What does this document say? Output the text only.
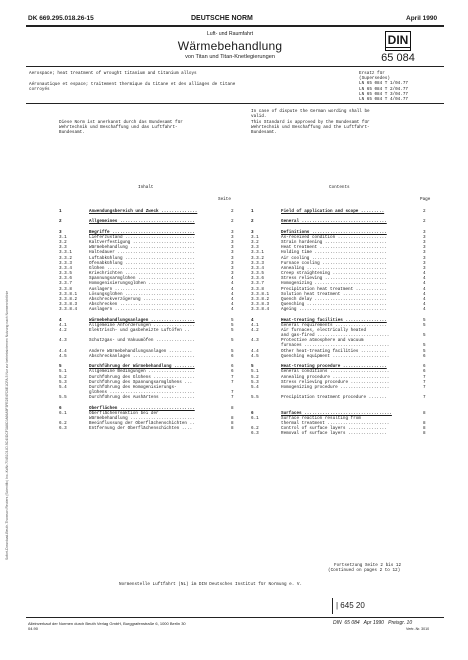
DK 669.295.018.26-15	DEUTSCHE NORM	April 1990
Luft- und Raumfahrt
Wärmebehandlung
von Titan und Titan-Knetlegierungen
DIN
65 084
Aerospace; heat treatment of wrought titanium and titanium alloys
Aéronautique et espace; traitement thermique du titane et des alliages de titane
corroyés
Ersatz für
(Supersedes)
LN 65 084 T 1/04.77
LN 65 084 T 2/04.77
LN 65 084 T 3/04.77
LN 65 084 T 4/04.77
In case of dispute the German wording shall be
valid.
Diese Norm ist anerkannt durch das Bundesamt für
Wehrtechnik und Beschaffung und das Luftfahrt-
Bundesamt.
This Standard is approved by the Bundesamt für
Wehrtechnik und Beschaffung and the Luftfahrt-
Bundesamt.
Inhalt
Seite
Contents
Page
1	Anwendungsbereich und Zweck ..............	2
2	Allgemeines .............................	2
3	Begriffe ................................	3
3.1	Lieferzustand ...........................	3
3.2	Kaltverfestigung ........................	3
3.3	Wärmebehandlung .........................	3
3.3.1	Haltedauer ..............................	3
3.3.2	Luftabkühlung ...........................	3
3.3.3	Ofenabkühlung ...........................	3
3.3.4	Glühen ..................................	3
3.3.5	Kriechrichten ...........................	3
3.3.6	Spannungsarmglühen ......................	4
3.3.7	Homogenisierungsglühen ..................	4
3.3.8	Auslagern ...............................	4
3.3.8.1	Lösungsglühen ...........................	4
3.3.8.2	Abschreckverzögerung ....................	4
3.3.8.3	Abschrecken .............................	4
3.3.8.4	Auslagern ...............................	4
4	Wärmebehandlungsanlagen .................	5
4.1	Allgemeine Anforderungen ................	5
4.2	Elektrisch- und gasbeheizte Luftöfen ..	5
4.3	Schutzgas- und Vakuumöfen ...............	5
4.4	Andere Wärmebehandlungsanlagen .........	5
4.5	Abschreckanlagen ........................	6
5	Durchführung der Wärmebehandlung ........	6
5.1	Allgemeine Bedingungen ..................	6
5.2	Durchführung des Glühens ................	7
5.3	Durchführung des Spannungsarmglühens ...	7
5.4	Durchführung des Homogenisierungs-
glühens .................................	7
5.5	Durchführung des Aushärtens .............	7
6	Oberflächen .............................	8
6.1	Oberflächenreaktion bei der
Wärmebehandlung .........................	8
6.2	Beeinflussung der Oberflächenschichten ..	8
6.3	Entfernung der Oberflächenschichten ....	8
1	Field of application and scope .........	2
2	General .................................	2
3	Definitions .............................	3
3.1	As-received condition ...................	3
3.2	Strain hardening ........................	3
3.3	Heat treatment ..........................	3
3.3.1	Holding time ............................	3
3.3.2	Air cooling .............................	3
3.3.3	Furnace cooling .........................	3
3.3.4	Annealing ...............................	3
3.3.5	Creep straightening .....................	4
3.3.6	Stress relieving ........................	4
3.3.7	Homogenizing ............................	4
3.3.8	Precipitation heat treatment ............	4
3.3.8.1	Solution heat treatment .................	4
3.3.8.2	Quench delay ............................	4
3.3.8.3	Quenching ...............................	4
3.3.8.4	Ageing ..................................	4
4	Heat-treating facilities ................	5
4.1	General requirements ....................	5
4.2	Air furnaces, electrically heated
and gas-fired ............................	5
4.3	Protective atmosphere and vacuum
furnaces .................................	5
4.4	Other heat-treating facilities ..........	5
4.5	Quenching equipment ......................	6
5	Heat-treating procedure .................	6
5.1	General conditions .......................	6
5.2	Annealing procedure ......................	7
5.3	Stress relieving procedure ...............	7
5.4	Homogenizing procedure ...................	7
5.5	Precipitation treatment procedure .......	7
6	Surfaces ..................................	8
6.1	Surface reaction resulting from
thermal treatment ........................	8
6.2	Control of surface layers ...............	8
6.3	Removal of surface layers ...............	8
Fortsetzung Seite 2 bis 12
(Continued on pages 2 to 12)
Normenstelle Luftfahrt (NL) im DIN Deutsches Institut für Normung e. V.
| 645 20
Alleinverkauf der Normen durch Beuth Verlag GmbH, Burggrafenstraße 6, 1000 Berlin 30
04.90
DIN  65 084   Apr 1990   Preisgr. 10
Vertr.-Nr. 3010
Sofort-Download-Beuth-Thomson Reuters (Scientific) Inc.-KdNr.7045103-ID.5C40DCF3A8C0A66A9F3FE2E47C6E1CFA.5 Nur zur betriebsinternen Nutzung nach Normenrichtlinie
